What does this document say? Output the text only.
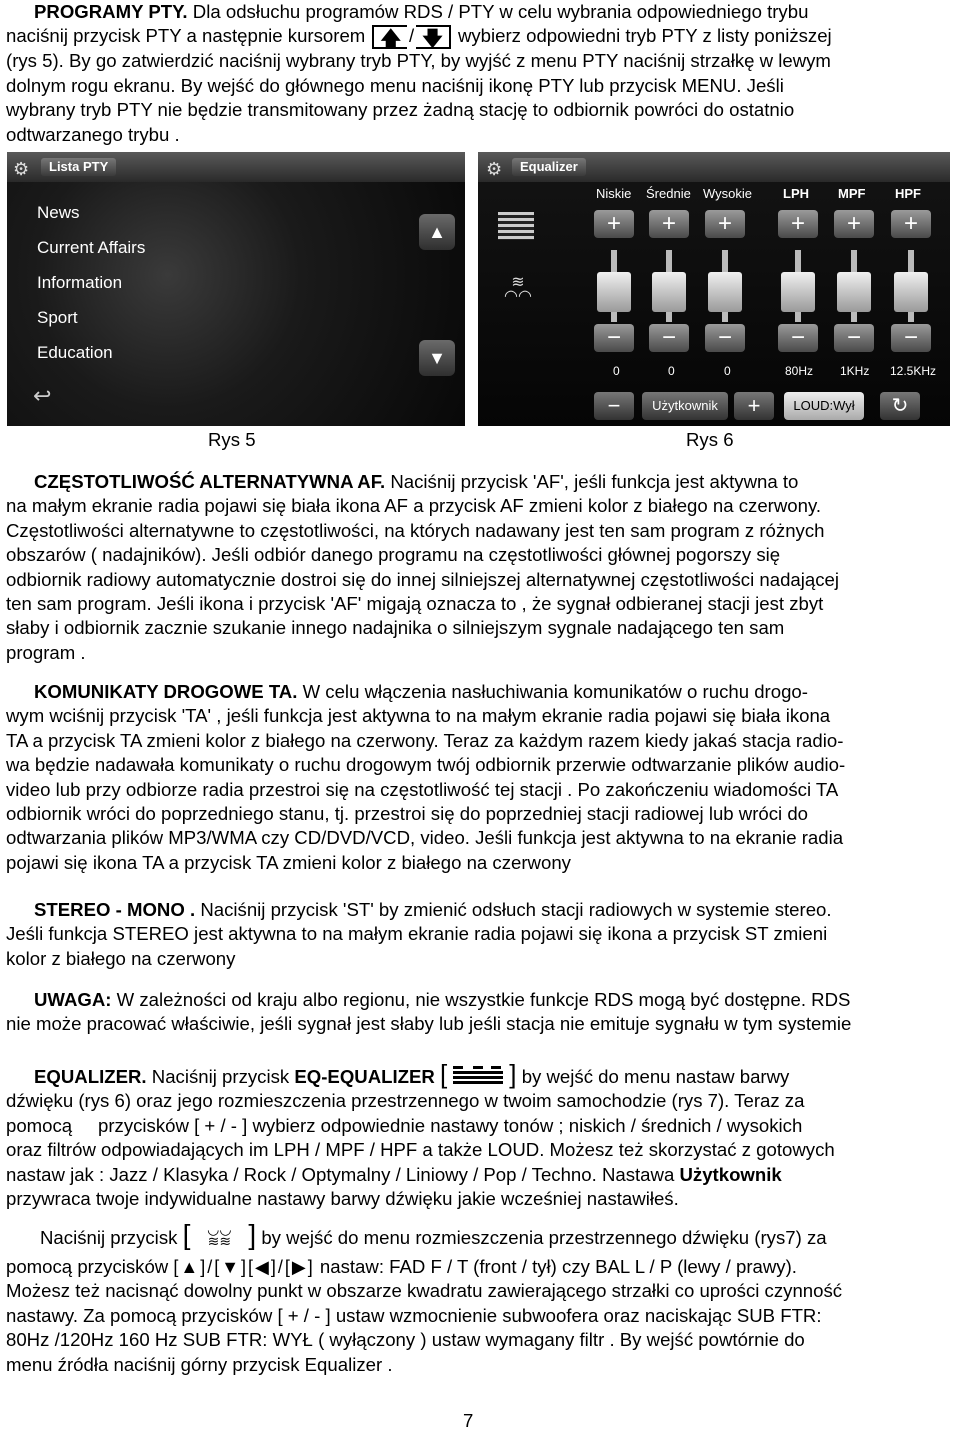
PROGRAMY PTY. Dla odsłuchu programów RDS / PTY w celu wybrania odpowiedniego trybu

naciśnij przycisk PTY a następnie kursorem 🡅 / 🡇 wybierz odpowiedni tryb PTY z listy poniższej

(rys 5). By go zatwierdzić naciśnij wybrany tryb PTY, by wyjść z menu PTY naciśnij strzałkę w lewym

dolnym rogu ekranu. By wejść do głównego menu naciśnij ikonę PTY lub przycisk MENU. Jeśli

wybrany tryb PTY nie będzie transmitowany przez żadną stację to odbiornik powróci do ostatnio

odtwarzanego trybu .

⚙	Lista PTY
News
Current Affairs
Information
Sport
Education
▲
▼
↩
⚙	Equalizer
≋
◠◠
Niskie Średnie Wysokie LPH MPF HPF
+	+	+	+	+	+
−	−	−	−	−	−
0	0	0	80Hz 1KHz 12.5KHz
−	Użytkownik	+	LOUD:Wył	↻
Rys 5	Rys 6

CZĘSTOTLIWOŚĆ ALTERNATYWNA AF. Naciśnij przycisk 'AF', jeśli funkcja jest aktywna to

na małym ekranie radia pojawi się biała ikona AF a przycisk AF zmieni kolor z białego na czerwony.

Częstotliwości alternatywne to częstotliwości, na których nadawany jest ten sam program z różnych

obszarów ( nadajników). Jeśli odbiór danego programu na częstotliwości głównej pogorszy się

odbiornik radiowy automatycznie dostroi się do innej silniejszej alternatywnej częstotliwości nadającej

ten sam program. Jeśli ikona i przycisk 'AF' migają oznacza to , że sygnał odbieranej stacji jest zbyt

słaby i odbiornik zacznie szukanie innego nadajnika o silniejszym sygnale nadającego ten sam

program .

KOMUNIKATY DROGOWE TA. W celu włączenia nasłuchiwania komunikatów o ruchu drogo-

wym wciśnij przycisk 'TA' , jeśli funkcja jest aktywna to na małym ekranie radia pojawi się biała ikona

TA a przycisk TA zmieni kolor z białego na czerwony. Teraz za każdym razem kiedy jakaś stacja radio-

wa będzie nadawała komunikaty o ruchu drogowym twój odbiornik przerwie odtwarzanie plików audio-

video lub przy odbiorze radia przestroi się na częstotliwość tej stacji . Po zakończeniu wiadomości TA

odbiornik wróci do poprzedniego stanu, tj. przestroi się do poprzedniej stacji radiowej lub wróci do

odtwarzania plików MP3/WMA czy CD/DVD/VCD, video. Jeśli funkcja jest aktywna to na ekranie radia

pojawi się ikona TA a przycisk TA zmieni kolor z białego na czerwony

STEREO - MONO . Naciśnij przycisk 'ST' by zmienić odsłuch stacji radiowych w systemie stereo.

Jeśli funkcja STEREO jest aktywna to na małym ekranie radia pojawi się ikona a przycisk ST zmieni

kolor z białego na czerwony

UWAGA: W zależności od kraju albo regionu, nie wszystkie funkcje RDS mogą być dostępne. RDS

nie może pracować właściwie, jeśli sygnał jest słaby lub jeśli stacja nie emituje sygnału w tym systemie

EQUALIZER. Naciśnij przycisk EQ-EQUALIZER [ ] by wejść do menu nastaw barwy

dźwięku (rys 6) oraz jego rozmieszczenia przestrzennego w twoim samochodzie (rys 7). Teraz za

pomocą przycisków [ + / - ] wybierz odpowiednie nastawy tonów ; niskich / średnich / wysokich

oraz filtrów odpowiadających im LPH / MPF / HPF a także LOUD. Możesz też skorzystać z gotowych

nastaw jak : Jazz / Klasyka / Rock / Optymalny / Liniowy / Pop / Techno. Nastawa Użytkownik

przywraca twoje indywidualne nastawy barwy dźwięku jakie wcześniej nastawiłeś.

Naciśnij przycisk [ ◡◡
≋≋ ] by wejść do menu rozmieszczenia przestrzennego dźwięku (rys7) za

pomocą przycisków [▲]/[▼][◀]/[▶] nastaw: FAD F / T (front / tył) czy BAL L / P (lewy / prawy).

Możesz też nacisnąć dowolny punkt w obszarze kwadratu zawierającego strzałki co uprości czynność

nastawy. Za pomocą przycisków [ + / - ] ustaw wzmocnienie subwoofera oraz naciskając SUB FTR:

80Hz /120Hz 160 Hz SUB FTR: WYŁ ( wyłączony ) ustaw wymagany filtr . By wejść powtórnie do

menu źródła naciśnij górny przycisk Equalizer .

7
